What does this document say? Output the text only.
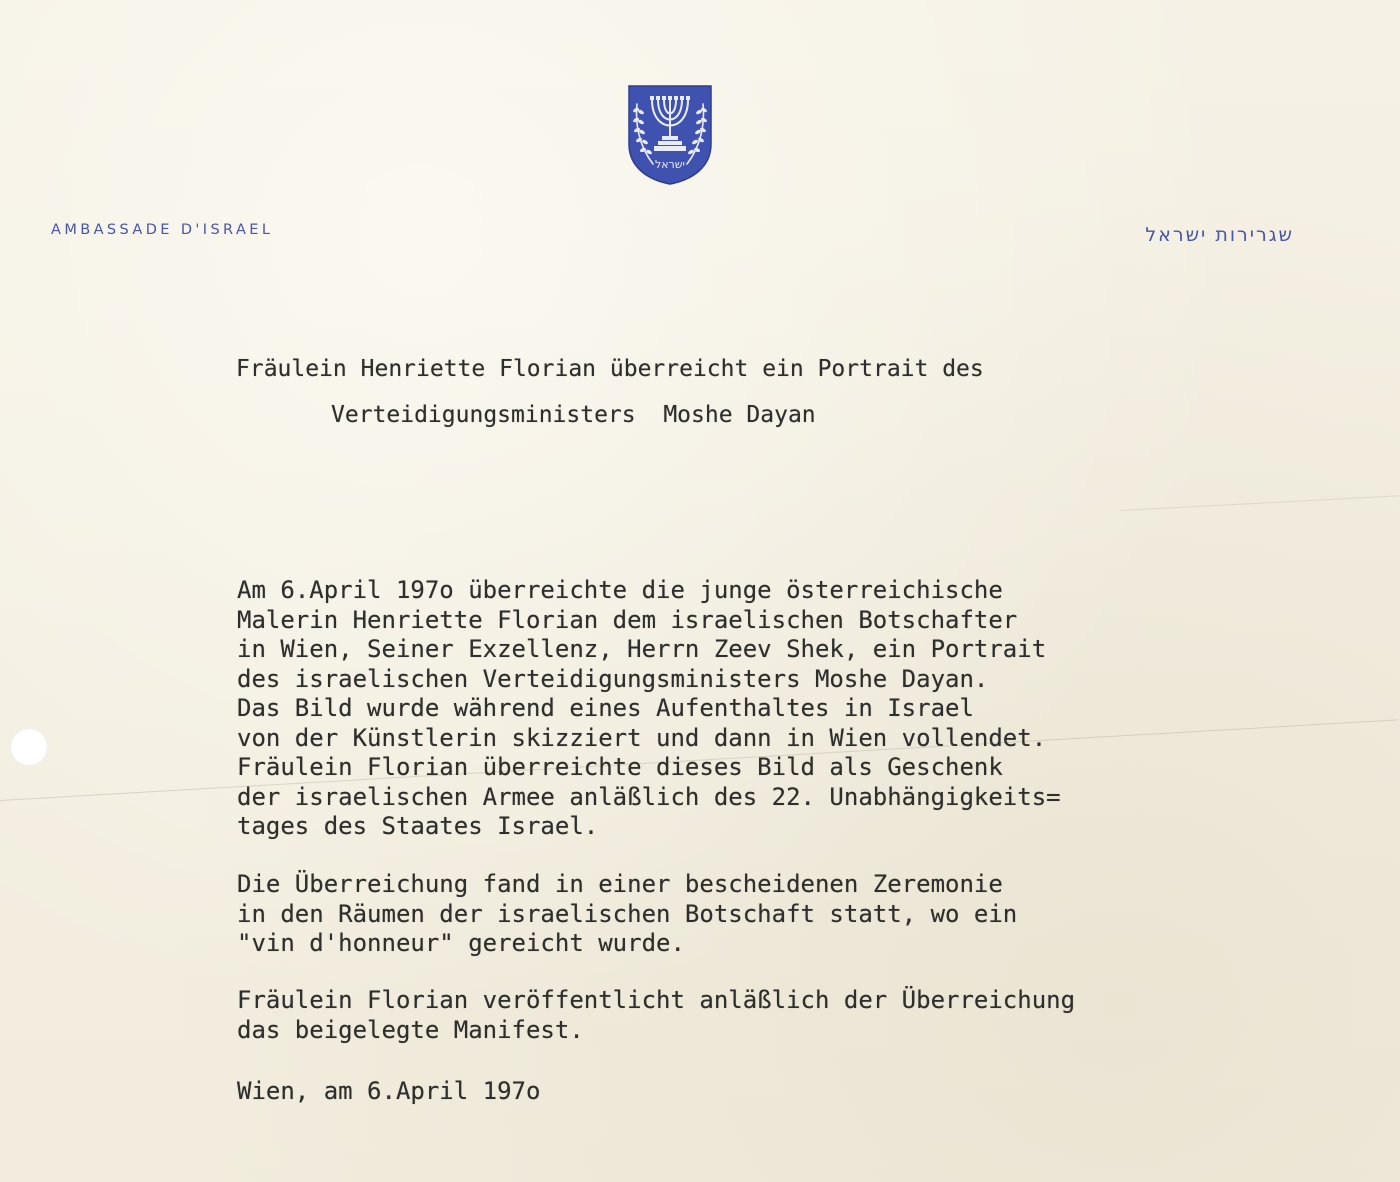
ישראל
AMBASSADE D'ISRAEL	שגרירות ישראל
Fräulein Henriette Florian überreicht ein Portrait des
Verteidigungsministers  Moshe Dayan

Am 6.April 197o überreichte die junge österreichische
Malerin Henriette Florian dem israelischen Botschafter
in Wien, Seiner Exzellenz, Herrn Zeev Shek, ein Portrait
des israelischen Verteidigungsministers Moshe Dayan.
Das Bild wurde während eines Aufenthaltes in Israel
von der Künstlerin skizziert und dann in Wien vollendet.
Fräulein Florian überreichte dieses Bild als Geschenk
der israelischen Armee anläßlich des 22. Unabhängigkeits=
tages des Staates Israel.

Die Überreichung fand in einer bescheidenen Zeremonie
in den Räumen der israelischen Botschaft statt, wo ein
"vin d'honneur" gereicht wurde.

Fräulein Florian veröffentlicht anläßlich der Überreichung
das beigelegte Manifest.

Wien, am 6.April 197o
